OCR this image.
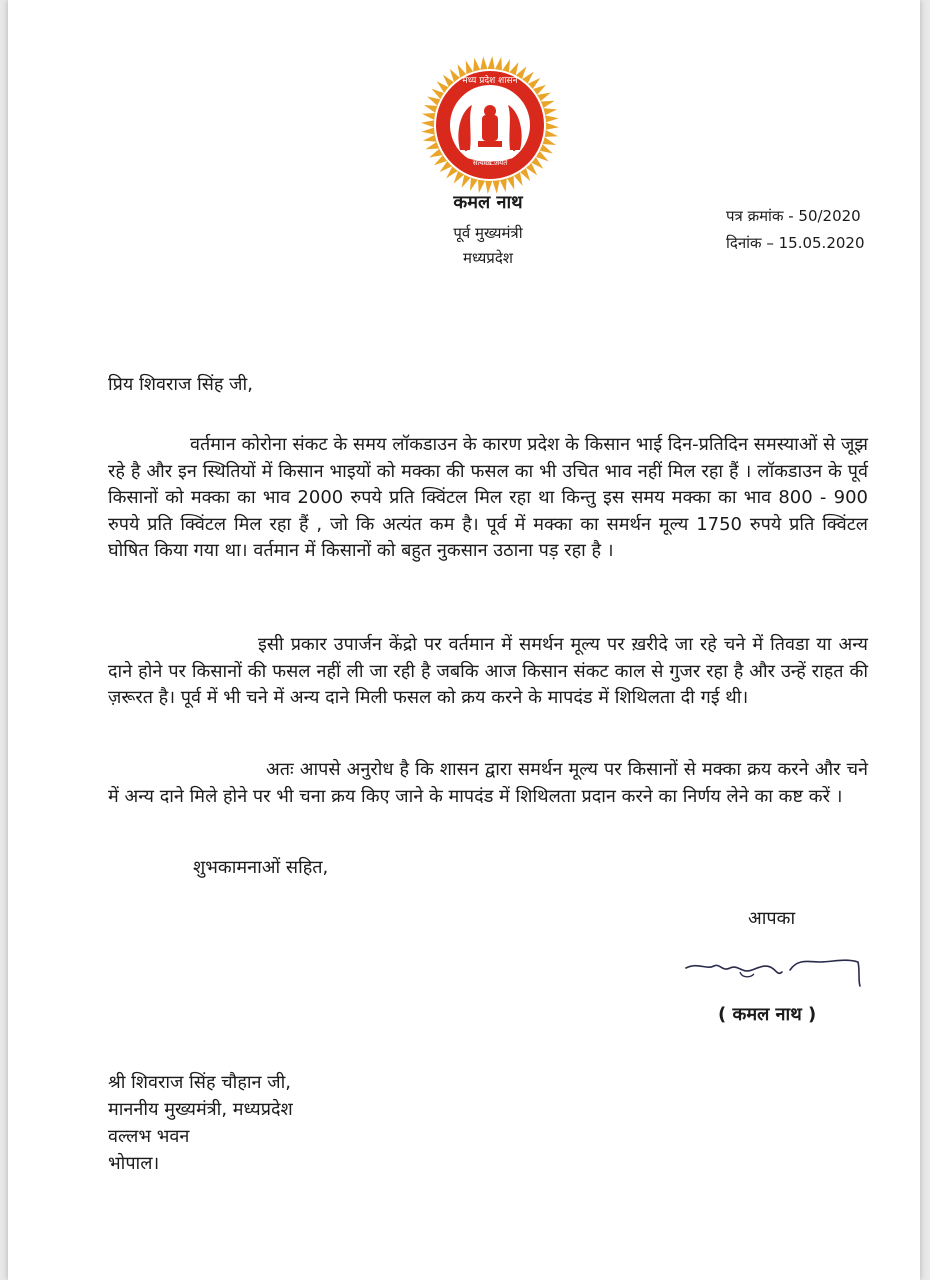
मध्य प्रदेश शासन
सत्यमेव जयते
कमल नाथ
पूर्व मुख्यमंत्री
मध्यप्रदेश
पत्र क्रमांक - 50/2020
दिनांक – 15.05.2020
प्रिय शिवराज सिंह जी,

वर्तमान कोरोना संकट के समय लॉकडाउन के कारण प्रदेश के किसान भाई दिन-प्रतिदिन समस्याओं से जूझ रहे है और इन स्थितियों में किसान भाइयों को मक्का की फसल का भी उचित भाव नहीं मिल रहा हैं । लॉकडाउन के पूर्व किसानों को मक्का का भाव 2000 रुपये प्रति क्विंटल मिल रहा था किन्तु इस समय मक्का का भाव 800 - 900 रुपये प्रति क्विंटल मिल रहा हैं , जो कि अत्यंत कम है। पूर्व में मक्का का समर्थन मूल्य 1750 रुपये प्रति क्विंटल घोषित किया गया था। वर्तमान में किसानों को बहुत नुकसान उठाना पड़ रहा है ।

इसी प्रकार उपार्जन केंद्रो पर वर्तमान में समर्थन मूल्य पर ख़रीदे जा रहे चने में तिवडा या अन्य दाने होने पर किसानों की फसल नहीं ली जा रही है जबकि आज किसान संकट काल से गुजर रहा है और उन्हें राहत की ज़रूरत है। पूर्व में भी चने में अन्य दाने मिली फसल को क्रय करने के मापदंड में शिथिलता दी गई थी।

अतः आपसे अनुरोध है कि शासन द्वारा समर्थन मूल्य पर किसानों से मक्का क्रय करने और चने में अन्य दाने मिले होने पर भी चना क्रय किए जाने के मापदंड में शिथिलता प्रदान करने का निर्णय लेने का कष्ट करें ।

शुभकामनाओं सहित,
आपका
( कमल नाथ )
श्री शिवराज सिंह चौहान जी,
माननीय मुख्यमंत्री, मध्यप्रदेश
वल्लभ भवन
भोपाल।
